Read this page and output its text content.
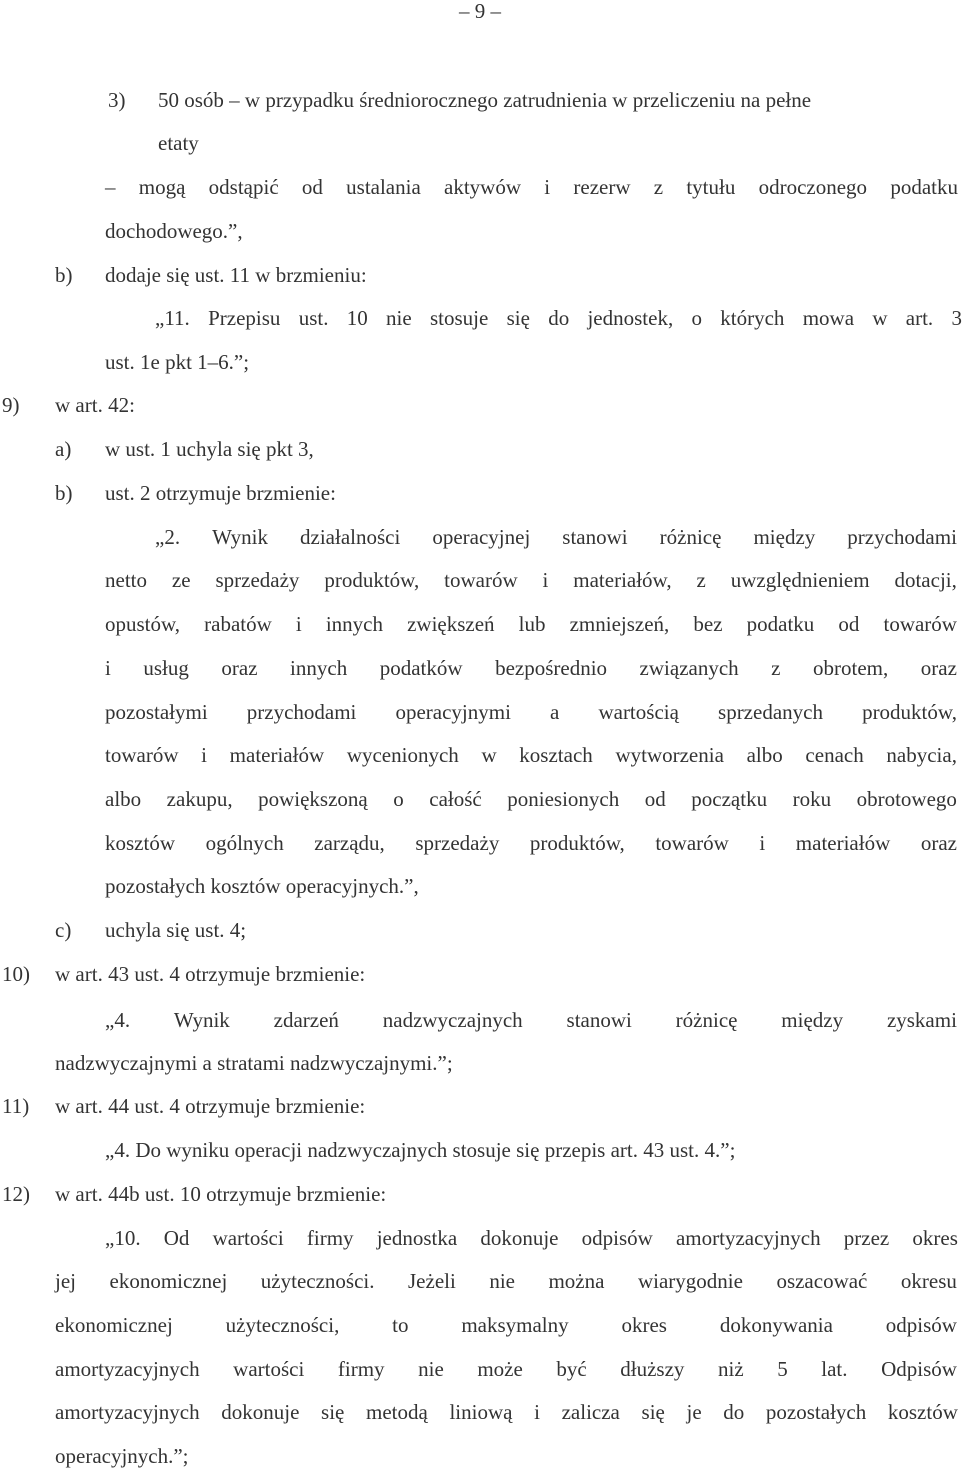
– 9 –
3) 50 osób – w przypadku średniorocznego zatrudnienia w przeliczeniu na pełne
etaty
– mogą odstąpić od ustalania aktywów i rezerw z tytułu odroczonego podatku
dochodowego.”,
b) dodaje się ust. 11 w brzmieniu:
„11. Przepisu ust. 10 nie stosuje się do jednostek, o których mowa w art. 3
ust. 1e pkt 1–6.”;
9) w art. 42:
a) w ust. 1 uchyla się pkt 3,
b) ust. 2 otrzymuje brzmienie:
„2. Wynik działalności operacyjnej stanowi różnicę między przychodami
netto ze sprzedaży produktów, towarów i materiałów, z uwzględnieniem dotacji,
opustów, rabatów i innych zwiększeń lub zmniejszeń, bez podatku od towarów
i usług oraz innych podatków bezpośrednio związanych z obrotem, oraz
pozostałymi przychodami operacyjnymi a wartością sprzedanych produktów,
towarów i materiałów wycenionych w kosztach wytworzenia albo cenach nabycia,
albo zakupu, powiększoną o całość poniesionych od początku roku obrotowego
kosztów ogólnych zarządu, sprzedaży produktów, towarów i materiałów oraz
pozostałych kosztów operacyjnych.”,
c) uchyla się ust. 4;
10) w art. 43 ust. 4 otrzymuje brzmienie:
„4. Wynik zdarzeń nadzwyczajnych stanowi różnicę między zyskami
nadzwyczajnymi a stratami nadzwyczajnymi.”;
11) w art. 44 ust. 4 otrzymuje brzmienie:
„4. Do wyniku operacji nadzwyczajnych stosuje się przepis art. 43 ust. 4.”;
12) w art. 44b ust. 10 otrzymuje brzmienie:
„10. Od wartości firmy jednostka dokonuje odpisów amortyzacyjnych przez okres
jej ekonomicznej użyteczności. Jeżeli nie można wiarygodnie oszacować okresu
ekonomicznej	użyteczności,	to	maksymalny	okres	dokonywania	odpisów
amortyzacyjnych wartości firmy nie może być dłuższy niż 5 lat. Odpisów
amortyzacyjnych dokonuje się metodą liniową i zalicza się je do pozostałych kosztów
operacyjnych.”;
